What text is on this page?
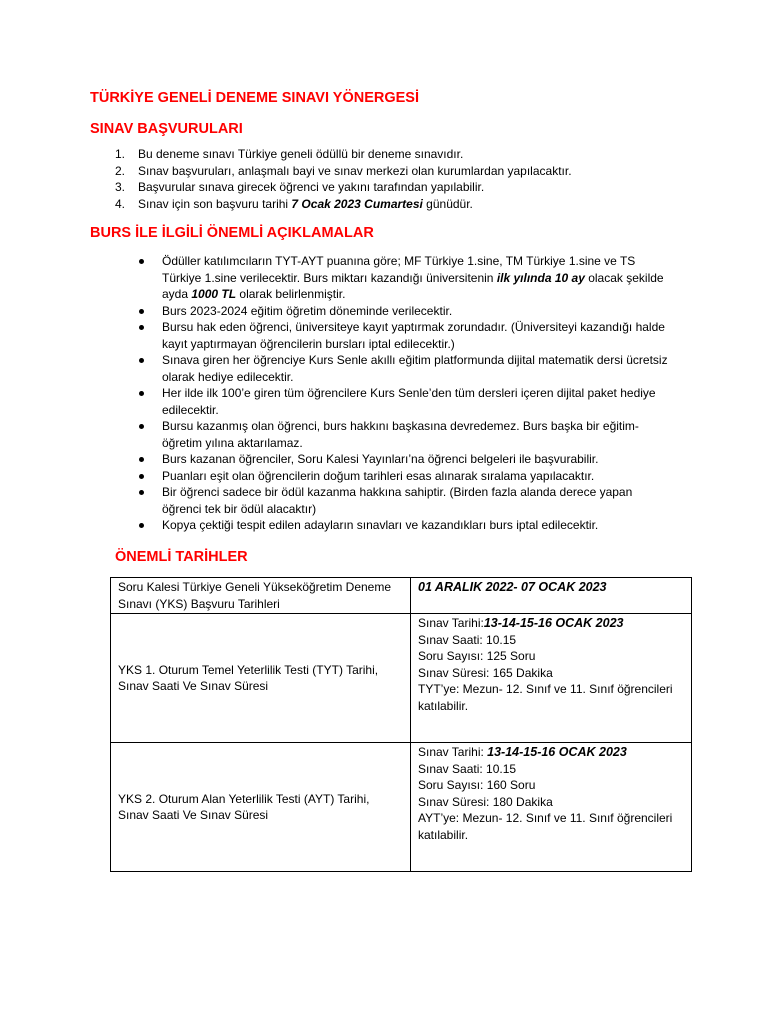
TÜRKİYE GENELİ DENEME SINAVI YÖNERGESİ
SINAV BAŞVURULARI
1. Bu deneme sınavı Türkiye geneli ödüllü bir deneme sınavıdır.
2. Sınav başvuruları, anlaşmalı bayi ve sınav merkezi olan kurumlardan yapılacaktır.
3. Başvurular sınava girecek öğrenci ve yakını tarafından yapılabilir.
4. Sınav için son başvuru tarihi 7 Ocak 2023 Cumartesi günüdür.
BURS İLE İLGİLİ ÖNEMLİ AÇIKLAMALAR
Ödüller katılımcıların TYT-AYT puanına göre; MF Türkiye 1.sine, TM Türkiye 1.sine ve TS Türkiye 1.sine verilecektir. Burs miktarı kazandığı üniversitenin ilk yılında 10 ay olacak şekilde ayda 1000 TL olarak belirlenmiştir.
Burs 2023-2024 eğitim öğretim döneminde verilecektir.
Bursu hak eden öğrenci, üniversiteye kayıt yaptırmak zorundadır. (Üniversiteyi kazandığı halde kayıt yaptırmayan öğrencilerin bursları iptal edilecektir.)
Sınava giren her öğrenciye Kurs Senle akıllı eğitim platformunda dijital matematik dersi ücretsiz olarak hediye edilecektir.
Her ilde ilk 100’e giren tüm öğrencilere Kurs Senle’den tüm dersleri içeren dijital paket hediye edilecektir.
Bursu kazanmış olan öğrenci, burs hakkını başkasına devredemez. Burs başka bir eğitim-öğretim yılına aktarılamaz.
Burs kazanan öğrenciler, Soru Kalesi Yayınları’na öğrenci belgeleri ile başvurabilir.
Puanları eşit olan öğrencilerin doğum tarihleri esas alınarak sıralama yapılacaktır.
Bir öğrenci sadece bir ödül kazanma hakkına sahiptir. (Birden fazla alanda derece yapan öğrenci tek bir ödül alacaktır)
Kopya çektiği tespit edilen adayların sınavları ve kazandıkları burs iptal edilecektir.
ÖNEMLİ TARİHLER
Soru Kalesi Türkiye Geneli Yükseköğretim Deneme Sınavı (YKS) Başvuru Tarihleri	01 ARALIK 2022- 07 OCAK 2023
YKS 1. Oturum Temel Yeterlilik Testi (TYT) Tarihi, Sınav Saati Ve Sınav Süresi	Sınav Tarihi:13-14-15-16 OCAK 2023
Sınav Saati: 10.15
Soru Sayısı: 125 Soru
Sınav Süresi: 165 Dakika
TYT’ye: Mezun- 12. Sınıf ve 11. Sınıf öğrencileri katılabilir.

YKS 2. Oturum Alan Yeterlilik Testi (AYT) Tarihi, Sınav Saati Ve Sınav Süresi	Sınav Tarihi: 13-14-15-16 OCAK 2023
Sınav Saati: 10.15
Soru Sayısı: 160 Soru
Sınav Süresi: 180 Dakika
AYT’ye: Mezun- 12. Sınıf ve 11. Sınıf öğrencileri katılabilir.
